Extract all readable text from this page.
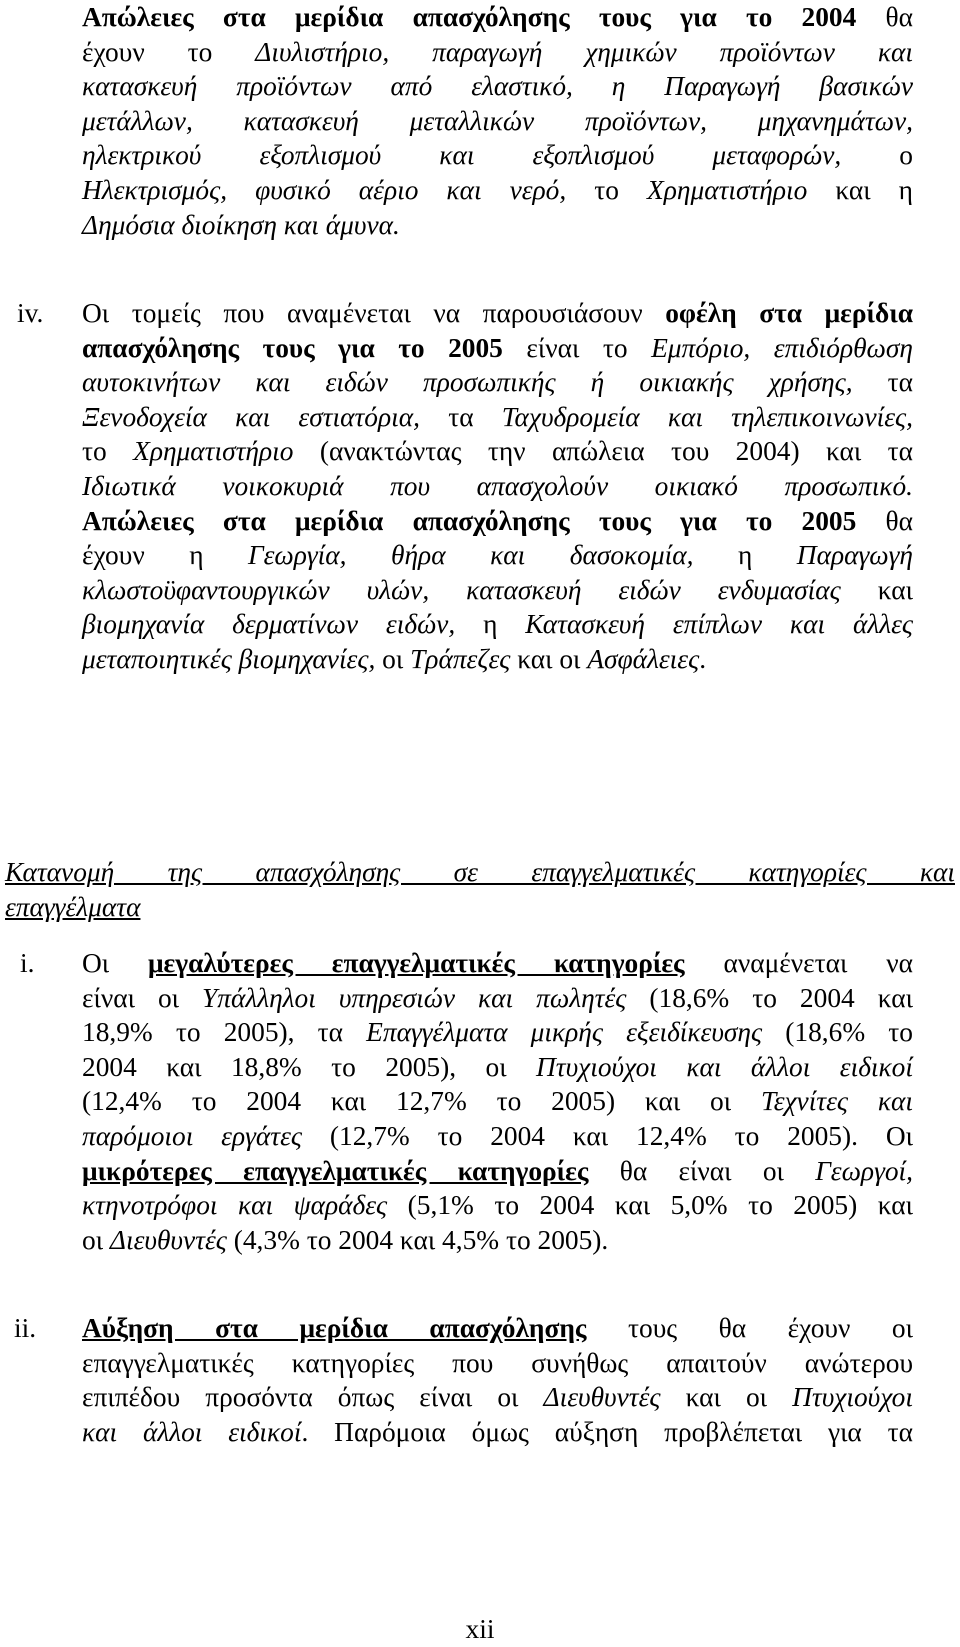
Απώλειες στα μερίδια απασχόλησης τους για το 2004 θα
έχουν το Διυλιστήριο, παραγωγή χημικών προϊόντων και
κατασκευή προϊόντων από ελαστικό, η Παραγωγή βασικών
μετάλλων, κατασκευή μεταλλικών προϊόντων, μηχανημάτων,
ηλεκτρικού εξοπλισμού και εξοπλισμού μεταφορών, ο
Ηλεκτρισμός, φυσικό αέριο και νερό, το Χρηματιστήριο και η
Δημόσια διοίκηση και άμυνα.
iv. Οι τομείς που αναμένεται να παρουσιάσουν οφέλη στα μερίδια
απασχόλησης τους για το 2005 είναι το Εμπόριο, επιδιόρθωση
αυτοκινήτων και ειδών προσωπικής ή οικιακής χρήσης, τα
Ξενοδοχεία και εστιατόρια, τα Ταχυδρομεία και τηλεπικοινωνίες,
το Χρηματιστήριο (ανακτώντας την απώλεια του 2004) και τα
Ιδιωτικά νοικοκυριά που απασχολούν οικιακό προσωπικό.
Απώλειες στα μερίδια απασχόλησης τους για το 2005 θα
έχουν η Γεωργία, θήρα και δασοκομία, η Παραγωγή
κλωστοϋφαντουργικών υλών, κατασκευή ειδών ενδυμασίας και
βιομηχανία δερματίνων ειδών, η Κατασκευή επίπλων και άλλες
μεταποιητικές βιομηχανίες, οι Τράπεζες και οι Ασφάλειες.
Κατανομή της απασχόλησης σε επαγγελματικές κατηγορίες και
επαγγέλματα
i. Οι μεγαλύτερες επαγγελματικές κατηγορίες αναμένεται να
είναι οι Υπάλληλοι υπηρεσιών και πωλητές (18,6% το 2004 και
18,9% το 2005), τα Επαγγέλματα μικρής εξειδίκευσης (18,6% το
2004 και 18,8% το 2005), οι Πτυχιούχοι και άλλοι ειδικοί
(12,4% το 2004 και 12,7% το 2005) και οι Τεχνίτες και
παρόμοιοι εργάτες (12,7% το 2004 και 12,4% το 2005). Οι
μικρότερες επαγγελματικές κατηγορίες θα είναι οι Γεωργοί,
κτηνοτρόφοι και ψαράδες (5,1% το 2004 και 5,0% το 2005) και
οι Διευθυντές (4,3% το 2004 και 4,5% το 2005).
ii. Αύξηση στα μερίδια απασχόλησης τους θα έχουν οι
επαγγελματικές κατηγορίες που συνήθως απαιτούν ανώτερου
επιπέδου προσόντα όπως είναι οι Διευθυντές και οι Πτυχιούχοι
και άλλοι ειδικοί. Παρόμοια όμως αύξηση προβλέπεται για τα
xii
